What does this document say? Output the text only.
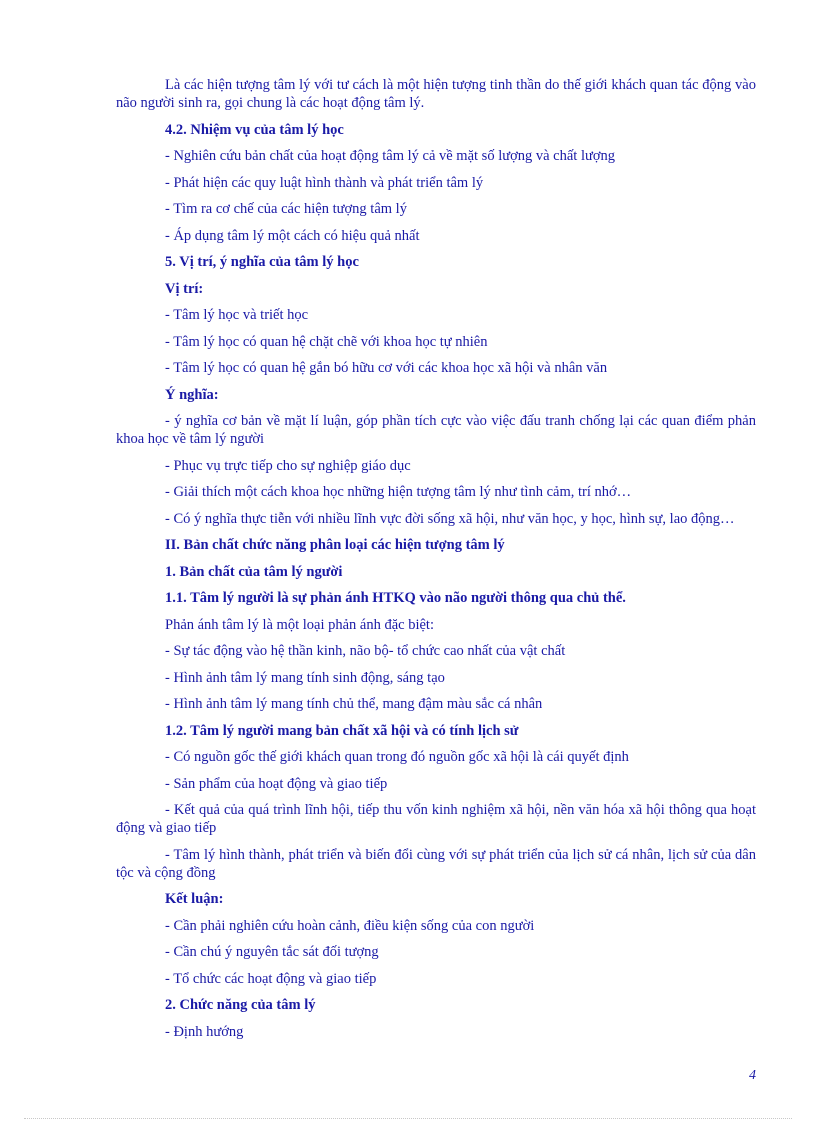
Là các hiện tượng tâm lý với tư cách là một hiện tượng tinh thần do thế giới khách quan tác động vào não người sinh ra, gọi chung là các hoạt động tâm lý.

4.2. Nhiệm vụ của tâm lý học

- Nghiên cứu bản chất của hoạt động tâm lý cả về mặt số lượng và chất lượng

- Phát hiện các quy luật hình thành và phát triển tâm lý

- Tìm ra cơ chế của các hiện tượng tâm lý

- Áp dụng tâm lý một cách có hiệu quả nhất

5. Vị trí, ý nghĩa của tâm lý học

Vị trí:

- Tâm lý học và triết học

- Tâm lý học có quan hệ chặt chẽ với khoa học tự nhiên

- Tâm lý học có quan hệ gắn bó hữu cơ với các khoa học xã hội và nhân văn

Ý nghĩa:

- ý nghĩa cơ bản về mặt lí luận, góp phần tích cực vào việc đấu tranh chống lại các quan điểm phản khoa học về tâm lý người

- Phục vụ trực tiếp cho sự nghiệp giáo dục

- Giải thích một cách khoa học những hiện tượng tâm lý như tình cảm, trí nhớ…

- Có ý nghĩa thực tiễn với nhiều lĩnh vực đời sống xã hội, như văn học, y học, hình sự, lao động…

II. Bản chất chức năng phân loại các hiện tượng tâm lý

1. Bản chất của tâm lý người

1.1. Tâm lý người là sự phản ánh HTKQ vào não người thông qua chủ thể.

Phản ánh tâm lý là một loại phản ánh đặc biệt:

- Sự tác động vào hệ thần kinh, não bộ- tổ chức cao nhất của vật chất

- Hình ảnh tâm lý mang tính sinh động, sáng tạo

- Hình ảnh tâm lý mang tính chủ thể, mang đậm màu sắc cá nhân

1.2. Tâm lý người mang bản chất xã hội và có tính lịch sử

- Có nguồn gốc thế giới khách quan trong đó nguồn gốc xã hội là cái quyết định

- Sản phẩm của hoạt động và giao tiếp

- Kết quả của quá trình lĩnh hội, tiếp thu vốn kinh nghiệm xã hội, nền văn hóa xã hội thông qua hoạt động và giao tiếp

- Tâm lý hình thành, phát triển và biến đổi cùng với sự phát triển của lịch sử cá nhân, lịch sử của dân tộc và cộng đồng

Kết luận:

- Cần phải nghiên cứu hoàn cảnh, điều kiện sống của con người

- Cần chú ý nguyên tắc sát đối tượng

- Tổ chức các hoạt động và giao tiếp

2. Chức năng của tâm lý

- Định hướng

4
